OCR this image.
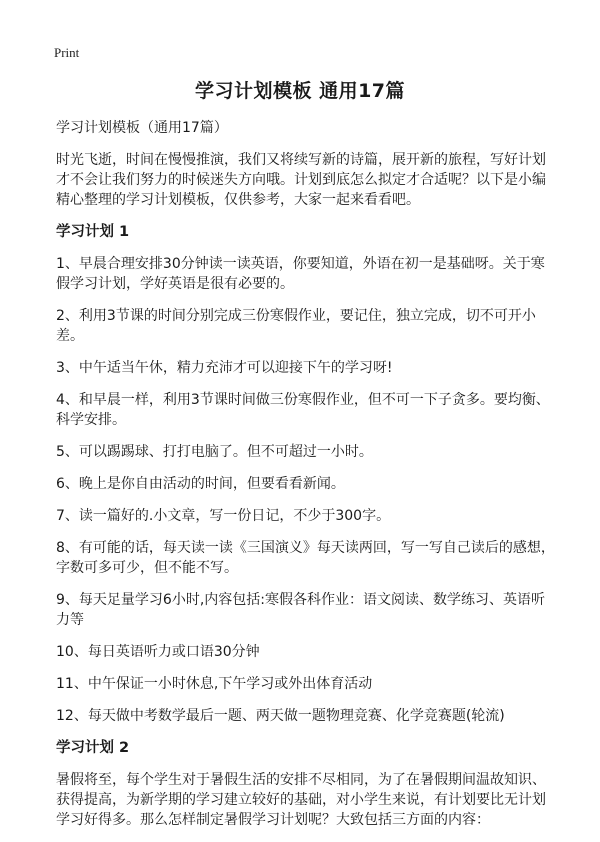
Print
学习计划模板 通用17篇

学习计划模板（通用17篇）

时光飞逝，时间在慢慢推演，我们又将续写新的诗篇，展开新的旅程，写好计划才不会让我们努力的时候迷失方向哦。计划到底怎么拟定才合适呢？以下是小编精心整理的学习计划模板，仅供参考，大家一起来看看吧。

学习计划 1

1、早晨合理安排30分钟读一读英语，你要知道，外语在初一是基础呀。关于寒假学习计划，学好英语是很有必要的。

2、利用3节课的时间分别完成三份寒假作业，要记住，独立完成，切不可开小差。

3、中午适当午休，精力充沛才可以迎接下午的学习呀!

4、和早晨一样，利用3节课时间做三份寒假作业，但不可一下子贪多。要均衡、科学安排。

5、可以踢踢球、打打电脑了。但不可超过一小时。

6、晚上是你自由活动的时间，但要看看新闻。

7、读一篇好的.小文章，写一份日记，不少于300字。

8、有可能的话，每天读一读《三国演义》每天读两回，写一写自己读后的感想，字数可多可少，但不能不写。

9、每天足量学习6小时,内容包括:寒假各科作业：语文阅读、数学练习、英语听力等

10、每日英语听力或口语30分钟

11、中午保证一小时休息,下午学习或外出体育活动

12、每天做中考数学最后一题、两天做一题物理竞赛、化学竞赛题(轮流)

学习计划 2

暑假将至，每个学生对于暑假生活的安排不尽相同，为了在暑假期间温故知识、获得提高，为新学期的学习建立较好的基础，对小学生来说，有计划要比无计划学习好得多。那么怎样制定暑假学习计划呢？大致包括三方面的内容：
